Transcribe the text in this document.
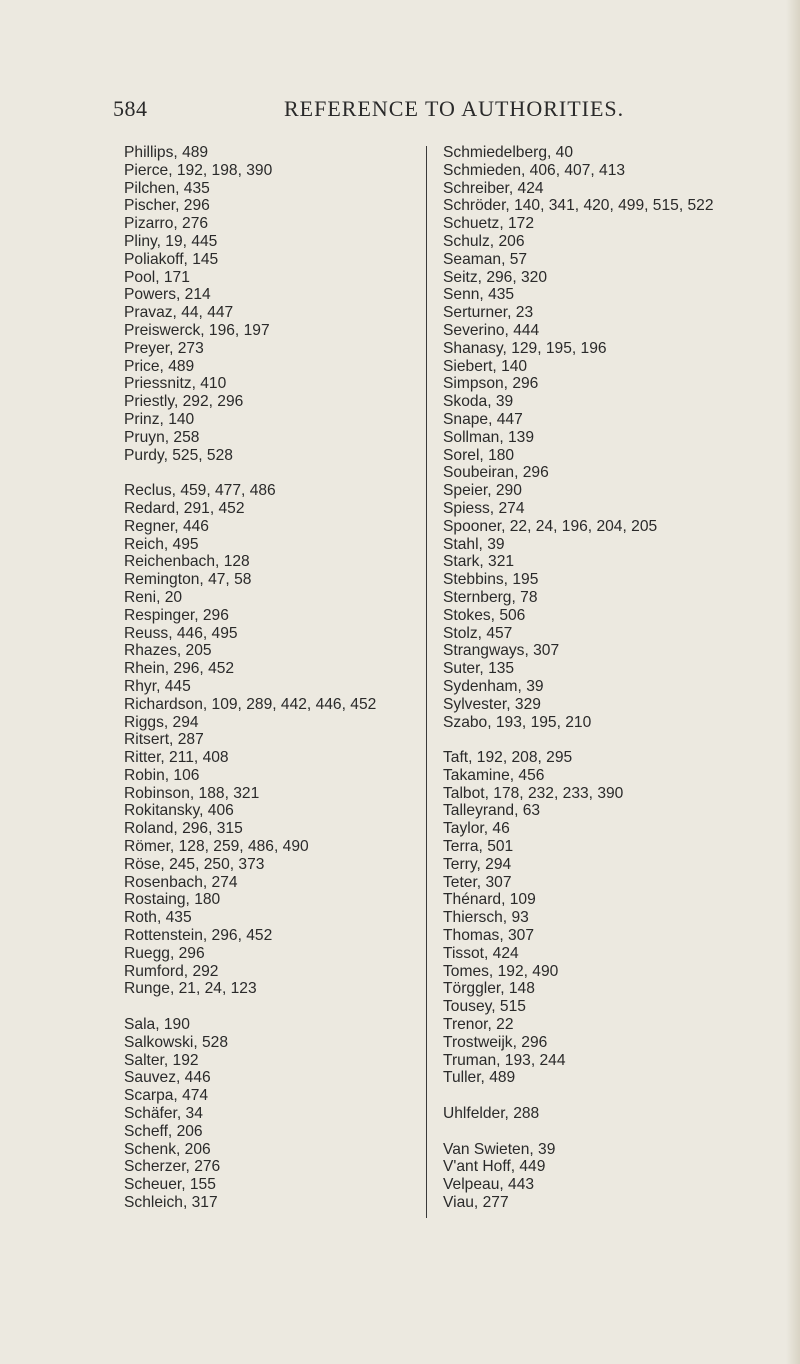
584	REFERENCE TO AUTHORITIES.
Phillips, 489
Pierce, 192, 198, 390
Pilchen, 435
Pischer, 296
Pizarro, 276
Pliny, 19, 445
Poliakoff, 145
Pool, 171
Powers, 214
Pravaz, 44, 447
Preiswerck, 196, 197
Preyer, 273
Price, 489
Priessnitz, 410
Priestly, 292, 296
Prinz, 140
Pruyn, 258
Purdy, 525, 528
Reclus, 459, 477, 486
Redard, 291, 452
Regner, 446
Reich, 495
Reichenbach, 128
Remington, 47, 58
Reni, 20
Respinger, 296
Reuss, 446, 495
Rhazes, 205
Rhein, 296, 452
Rhyr, 445
Richardson, 109, 289, 442, 446, 452
Riggs, 294
Ritsert, 287
Ritter, 211, 408
Robin, 106
Robinson, 188, 321
Rokitansky, 406
Roland, 296, 315
Römer, 128, 259, 486, 490
Röse, 245, 250, 373
Rosenbach, 274
Rostaing, 180
Roth, 435
Rottenstein, 296, 452
Ruegg, 296
Rumford, 292
Runge, 21, 24, 123
Sala, 190
Salkowski, 528
Salter, 192
Sauvez, 446
Scarpa, 474
Schäfer, 34
Scheff, 206
Schenk, 206
Scherzer, 276
Scheuer, 155
Schleich, 317
Schmiedelberg, 40
Schmieden, 406, 407, 413
Schreiber, 424
Schröder, 140, 341, 420, 499, 515, 522
Schuetz, 172
Schulz, 206
Seaman, 57
Seitz, 296, 320
Senn, 435
Serturner, 23
Severino, 444
Shanasy, 129, 195, 196
Siebert, 140
Simpson, 296
Skoda, 39
Snape, 447
Sollman, 139
Sorel, 180
Soubeiran, 296
Speier, 290
Spiess, 274
Spooner, 22, 24, 196, 204, 205
Stahl, 39
Stark, 321
Stebbins, 195
Sternberg, 78
Stokes, 506
Stolz, 457
Strangways, 307
Suter, 135
Sydenham, 39
Sylvester, 329
Szabo, 193, 195, 210
Taft, 192, 208, 295
Takamine, 456
Talbot, 178, 232, 233, 390
Talleyrand, 63
Taylor, 46
Terra, 501
Terry, 294
Teter, 307
Thénard, 109
Thiersch, 93
Thomas, 307
Tissot, 424
Tomes, 192, 490
Törggler, 148
Tousey, 515
Trenor, 22
Trostweijk, 296
Truman, 193, 244
Tuller, 489
Uhlfelder, 288
Van Swieten, 39
V'ant Hoff, 449
Velpeau, 443
Viau, 277
